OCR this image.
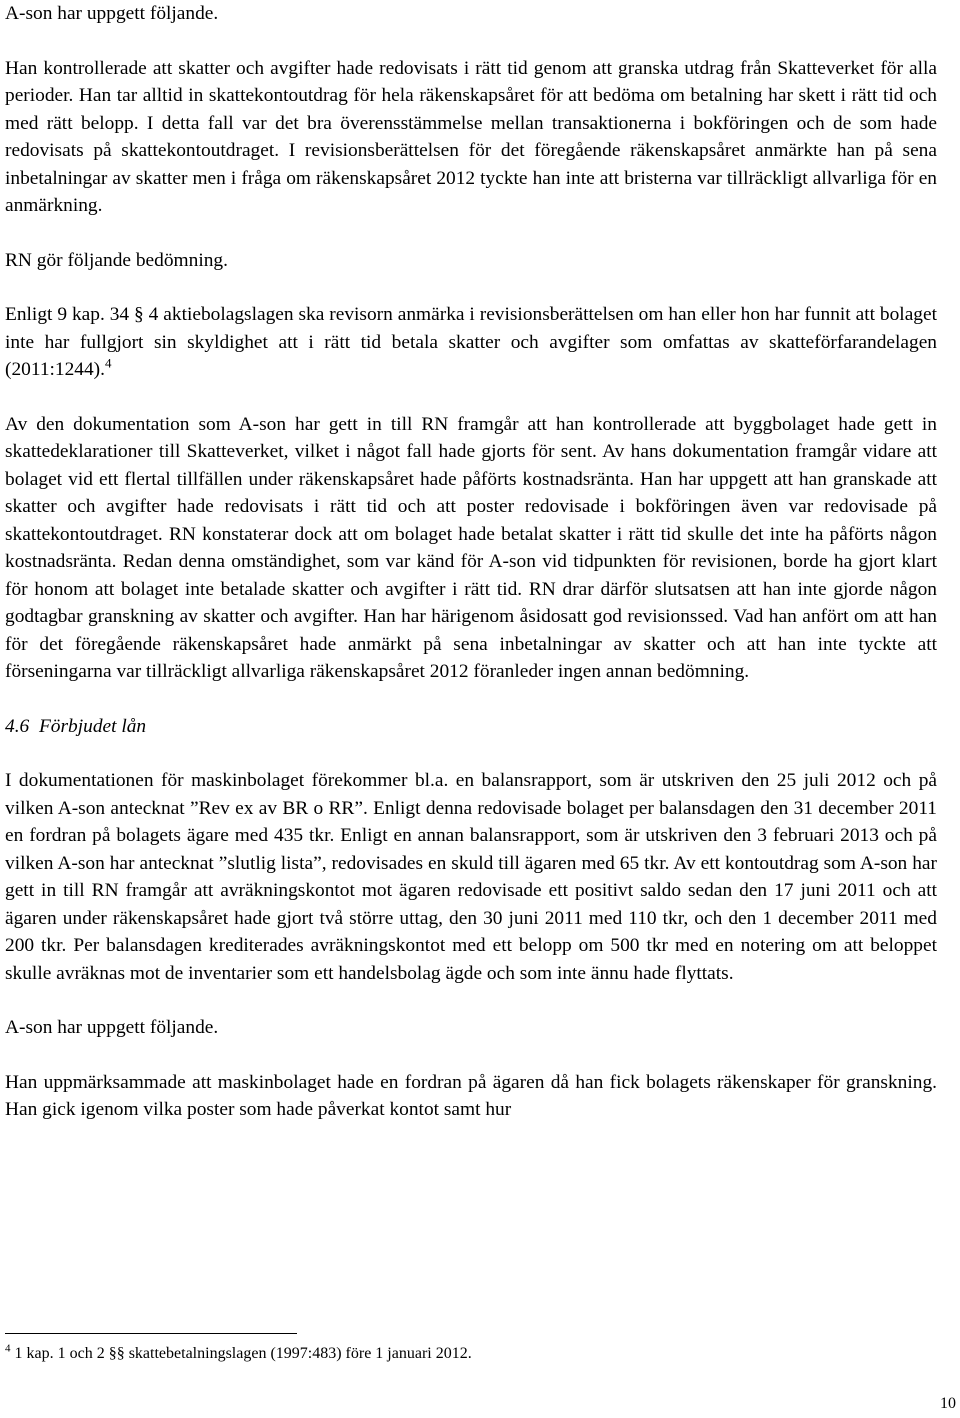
A-son har uppgett följande.

Han kontrollerade att skatter och avgifter hade redovisats i rätt tid genom att granska utdrag från Skatteverket för alla perioder. Han tar alltid in skattekontoutdrag för hela räkenskapsåret för att bedöma om betalning har skett i rätt tid och med rätt belopp. I detta fall var det bra överensstämmelse mellan transaktionerna i bokföringen och de som hade redovisats på skattekontoutdraget. I revisionsberättelsen för det föregående räkenskapsåret anmärkte han på sena inbetalningar av skatter men i fråga om räkenskapsåret 2012 tyckte han inte att bristerna var tillräckligt allvarliga för en anmärkning.

RN gör följande bedömning.

Enligt 9 kap. 34 § 4 aktiebolagslagen ska revisorn anmärka i revisionsberättelsen om han eller hon har funnit att bolaget inte har fullgjort sin skyldighet att i rätt tid betala skatter och avgifter som omfattas av skatteförfarandelagen (2011:1244).$^4$

Av den dokumentation som A-son har gett in till RN framgår att han kontrollerade att byggbolaget hade gett in skattedeklarationer till Skatteverket, vilket i något fall hade gjorts för sent. Av hans dokumentation framgår vidare att bolaget vid ett flertal tillfällen under räkenskapsåret hade påförts kostnadsränta. Han har uppgett att han granskade att skatter och avgifter hade redovisats i rätt tid och att poster redovisade i bokföringen även var redovisade på skattekontoutdraget. RN konstaterar dock att om bolaget hade betalat skatter i rätt tid skulle det inte ha påförts någon kostnadsränta. Redan denna omständighet, som var känd för A-son vid tidpunkten för revisionen, borde ha gjort klart för honom att bolaget inte betalade skatter och avgifter i rätt tid. RN drar därför slutsatsen att han inte gjorde någon godtagbar granskning av skatter och avgifter. Han har härigenom åsidosatt god revisionssed. Vad han anfört om att han för det föregående räkenskapsåret hade anmärkt på sena inbetalningar av skatter och att han inte tyckte att förseningarna var tillräckligt allvarliga räkenskapsåret 2012 föranleder ingen annan bedömning.

4.6 Förbjudet lån

I dokumentationen för maskinbolaget förekommer bl.a. en balansrapport, som är utskriven den 25 juli 2012 och på vilken A-son antecknat ”Rev ex av BR o RR”. Enligt denna redovisade bolaget per balansdagen den 31 december 2011 en fordran på bolagets ägare med 435 tkr. Enligt en annan balansrapport, som är utskriven den 3 februari 2013 och på vilken A-son har antecknat ”slutlig lista”, redovisades en skuld till ägaren med 65 tkr. Av ett kontoutdrag som A-son har gett in till RN framgår att avräkningskontot mot ägaren redovisade ett positivt saldo sedan den 17 juni 2011 och att ägaren under räkenskapsåret hade gjort två större uttag, den 30 juni 2011 med 110 tkr, och den 1 december 2011 med 200 tkr. Per balansdagen krediterades avräkningskontot med ett belopp om 500 tkr med en notering om att beloppet skulle avräknas mot de inventarier som ett handelsbolag ägde och som inte ännu hade flyttats.

A-son har uppgett följande.

Han uppmärksammade att maskinbolaget hade en fordran på ägaren då han fick bolagets räkenskaper för granskning. Han gick igenom vilka poster som hade påverkat kontot samt hur

$^4$ 1 kap. 1 och 2 §§ skattebetalningslagen (1997:483) före 1 januari 2012.
10
